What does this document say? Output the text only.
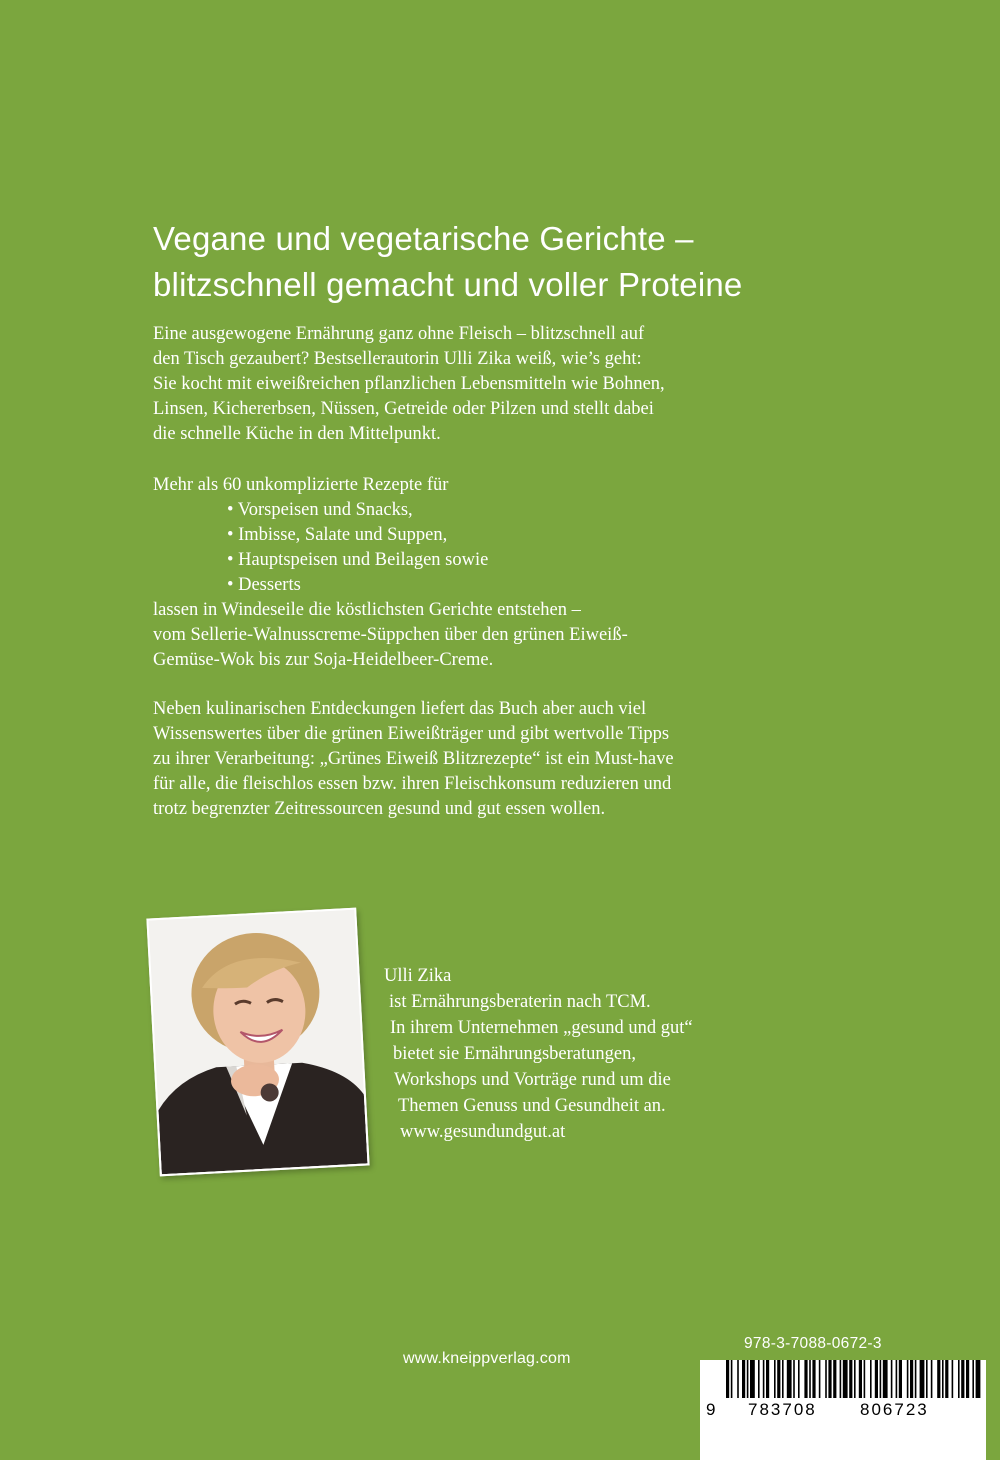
Vegane und vegetarische Gerichte –
blitzschnell gemacht und voller Proteine
Eine ausgewogene Ernährung ganz ohne Fleisch – blitzschnell auf
den Tisch gezaubert? Bestsellerautorin Ulli Zika weiß, wie’s geht:
Sie kocht mit eiweißreichen pflanzlichen Lebensmitteln wie Bohnen,
Linsen, Kichererbsen, Nüssen, Getreide oder Pilzen und stellt dabei
die schnelle Küche in den Mittelpunkt.
Mehr als 60 unkomplizierte Rezepte für
• Vorspeisen und Snacks,
• Imbisse, Salate und Suppen,
• Hauptspeisen und Beilagen sowie
• Desserts
lassen in Windeseile die köstlichsten Gerichte entstehen –
vom Sellerie-Walnusscreme-Süppchen über den grünen Eiweiß-
Gemüse-Wok bis zur Soja-Heidelbeer-Creme.
Neben kulinarischen Entdeckungen liefert das Buch aber auch viel
Wissenswertes über die grünen Eiweißträger und gibt wertvolle Tipps
zu ihrer Verarbeitung: „Grünes Eiweiß Blitzrezepte“ ist ein Must-have
für alle, die fleischlos essen bzw. ihren Fleischkonsum reduzieren und
trotz begrenzter Zeitressourcen gesund und gut essen wollen.
Ulli Zika
ist Ernährungsberaterin nach TCM.
In ihrem Unternehmen „gesund und gut“
bietet sie Ernährungsberatungen,
Workshops und Vorträge rund um die
Themen Genuss und Gesundheit an.
www.gesundundgut.at
www.kneippverlag.com
978-3-7088-0672-3
9 783708	806723
